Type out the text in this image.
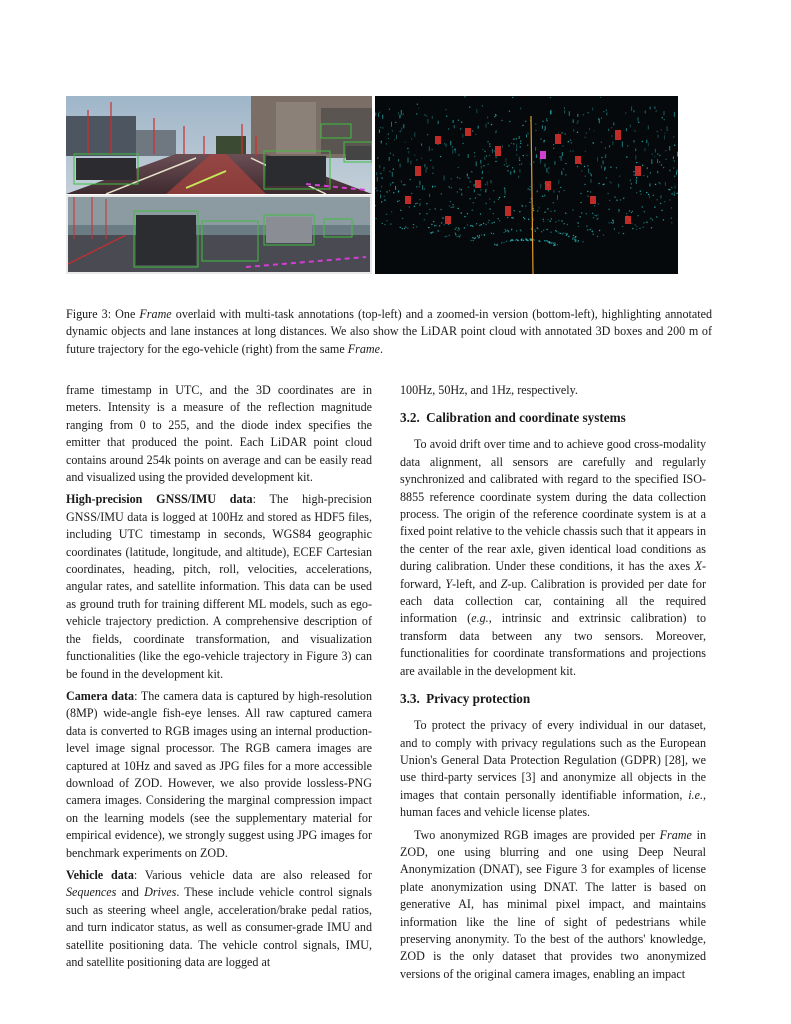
Figure 3: One Frame overlaid with multi-task annotations (top-left) and a zoomed-in version (bottom-left), highlighting annotated dynamic objects and lane instances at long distances. We also show the LiDAR point cloud with annotated 3D boxes and 200 m of future trajectory for the ego-vehicle (right) from the same Frame.

frame timestamp in UTC, and the 3D coordinates are in meters. Intensity is a measure of the reflection magnitude ranging from 0 to 255, and the diode index specifies the emitter that produced the point. Each LiDAR point cloud contains around 254k points on average and can be easily read and visualized using the provided development kit.

High-precision GNSS/IMU data: The high-precision GNSS/IMU data is logged at 100Hz and stored as HDF5 files, including UTC timestamp in seconds, WGS84 geographic coordinates (latitude, longitude, and altitude), ECEF Cartesian coordinates, heading, pitch, roll, velocities, accelerations, angular rates, and satellite information. This data can be used as ground truth for training different ML models, such as ego-vehicle trajectory prediction. A comprehensive description of the fields, coordinate transformation, and visualization functionalities (like the ego-vehicle trajectory in Figure 3) can be found in the development kit.

Camera data: The camera data is captured by high-resolution (8MP) wide-angle fish-eye lenses. All raw captured camera data is converted to RGB images using an internal production-level image signal processor. The RGB camera images are captured at 10Hz and saved as JPG files for a more accessible download of ZOD. However, we also provide lossless-PNG camera images. Considering the marginal compression impact on the learning models (see the supplementary material for empirical evidence), we strongly suggest using JPG images for benchmark experiments on ZOD.

Vehicle data: Various vehicle data are also released for Sequences and Drives. These include vehicle control signals such as steering wheel angle, acceleration/brake pedal ratios, and turn indicator status, as well as consumer-grade IMU and satellite positioning data. The vehicle control signals, IMU, and satellite positioning data are logged at

100Hz, 50Hz, and 1Hz, respectively.

3.2. Calibration and coordinate systems

To avoid drift over time and to achieve good cross-modality data alignment, all sensors are carefully and regularly synchronized and calibrated with regard to the specified ISO-8855 reference coordinate system during the data collection process. The origin of the reference coordinate system is at a fixed point relative to the vehicle chassis such that it appears in the center of the rear axle, given identical load conditions as during calibration. Under these conditions, it has the axes X-forward, Y-left, and Z-up. Calibration is provided per date for each data collection car, containing all the required information (e.g., intrinsic and extrinsic calibration) to transform data between any two sensors. Moreover, functionalities for coordinate transformations and projections are available in the development kit.

3.3. Privacy protection

To protect the privacy of every individual in our dataset, and to comply with privacy regulations such as the European Union's General Data Protection Regulation (GDPR) [28], we use third-party services [3] and anonymize all objects in the images that contain personally identifiable information, i.e., human faces and vehicle license plates.

Two anonymized RGB images are provided per Frame in ZOD, one using blurring and one using Deep Neural Anonymization (DNAT), see Figure 3 for examples of license plate anonymization using DNAT. The latter is based on generative AI, has minimal pixel impact, and maintains information like the line of sight of pedestrians while preserving anonymity. To the best of the authors' knowledge, ZOD is the only dataset that provides two anonymized versions of the original camera images, enabling an impact
